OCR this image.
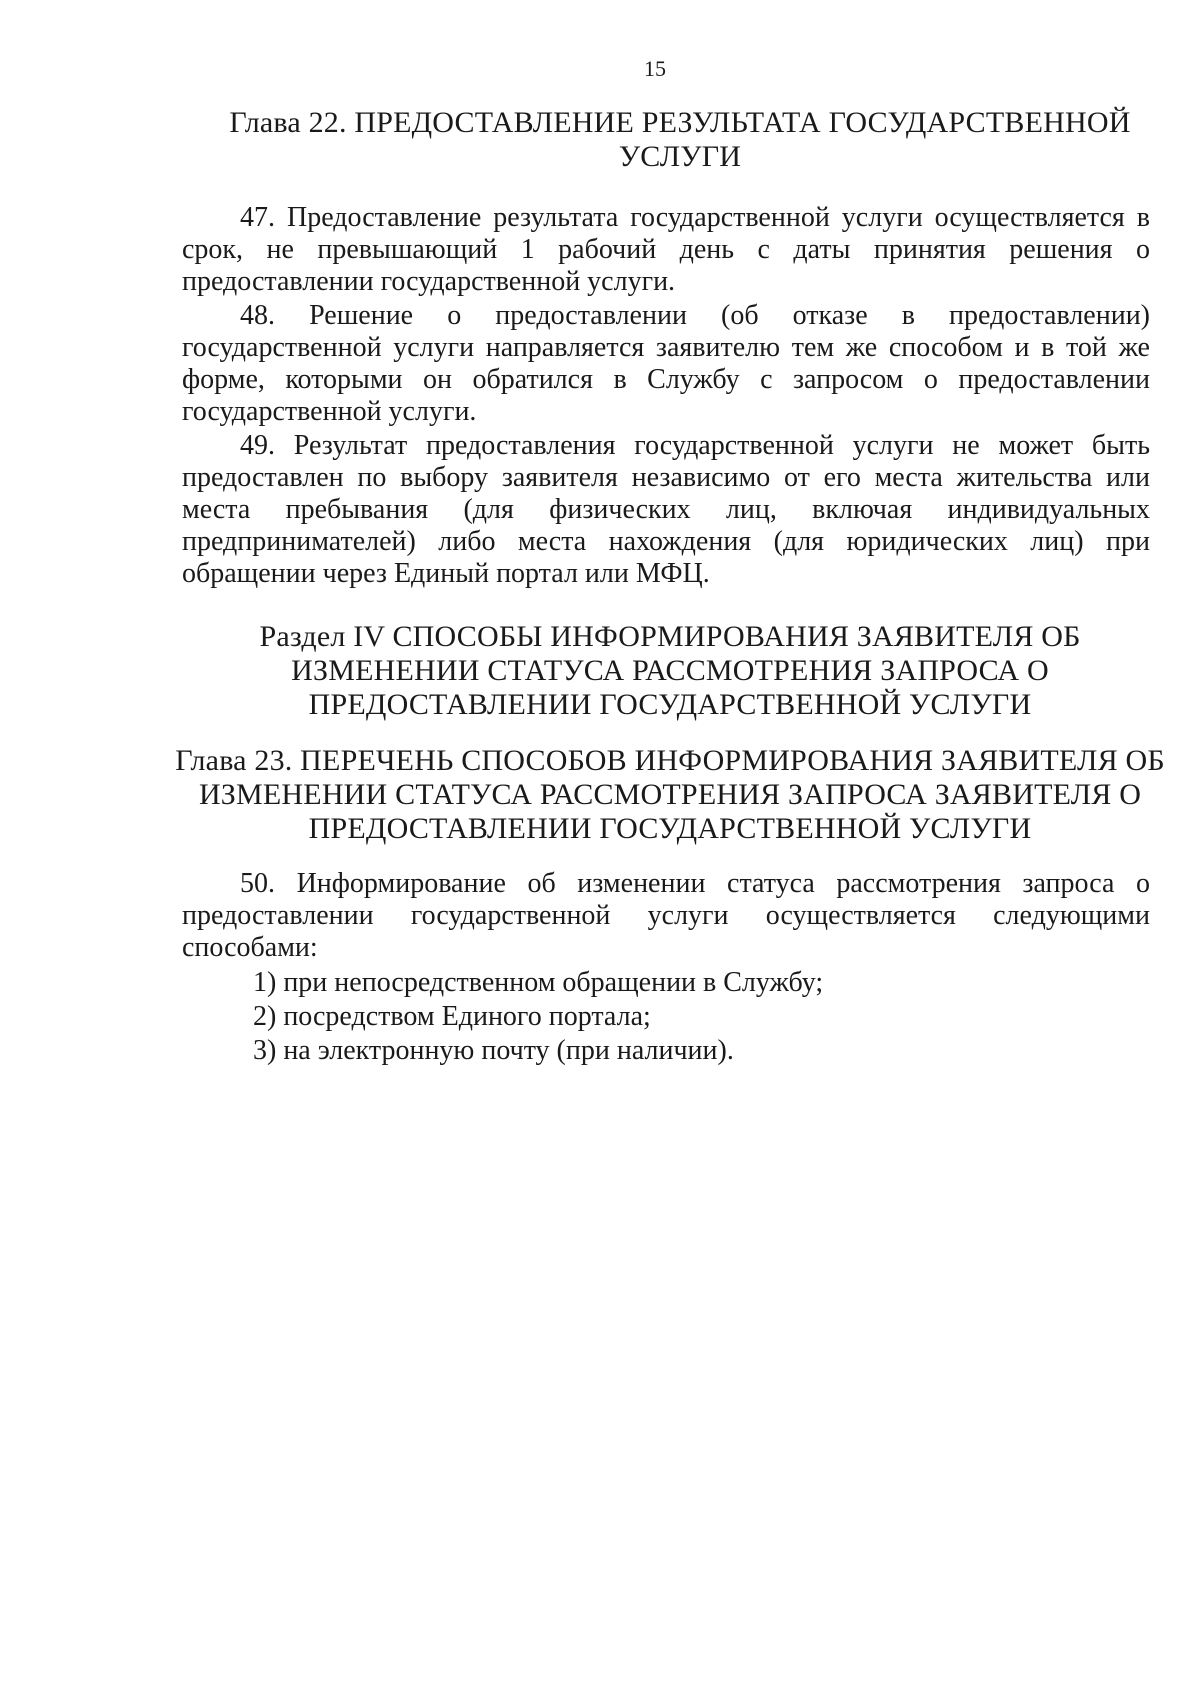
15
Глава 22. ПРЕДОСТАВЛЕНИЕ РЕЗУЛЬТАТА ГОСУДАРСТВЕННОЙ УСЛУГИ

47. Предоставление результата государственной услуги осуществляется в срок, не превышающий 1 рабочий день с даты принятия решения о предоставлении государственной услуги.

48. Решение о предоставлении (об отказе в предоставлении) государственной услуги направляется заявителю тем же способом и в той же форме, которыми он обратился в Службу с запросом о предоставлении государственной услуги.

49. Результат предоставления государственной услуги не может быть предоставлен по выбору заявителя независимо от его места жительства или места пребывания (для физических лиц, включая индивидуальных предпринимателей) либо места нахождения (для юридических лиц) при обращении через Единый портал или МФЦ.

Раздел IV СПОСОБЫ ИНФОРМИРОВАНИЯ ЗАЯВИТЕЛЯ ОБ ИЗМЕНЕНИИ СТАТУСА РАССМОТРЕНИЯ ЗАПРОСА О ПРЕДОСТАВЛЕНИИ ГОСУДАРСТВЕННОЙ УСЛУГИ
Глава 23. ПЕРЕЧЕНЬ СПОСОБОВ ИНФОРМИРОВАНИЯ ЗАЯВИТЕЛЯ ОБ ИЗМЕНЕНИИ СТАТУСА РАССМОТРЕНИЯ ЗАПРОСА ЗАЯВИТЕЛЯ О ПРЕДОСТАВЛЕНИИ ГОСУДАРСТВЕННОЙ УСЛУГИ

50. Информирование об изменении статуса рассмотрения запроса о предоставлении государственной услуги осуществляется следующими способами:

1) при непосредственном обращении в Службу;
2) посредством Единого портала;
3) на электронную почту (при наличии).
